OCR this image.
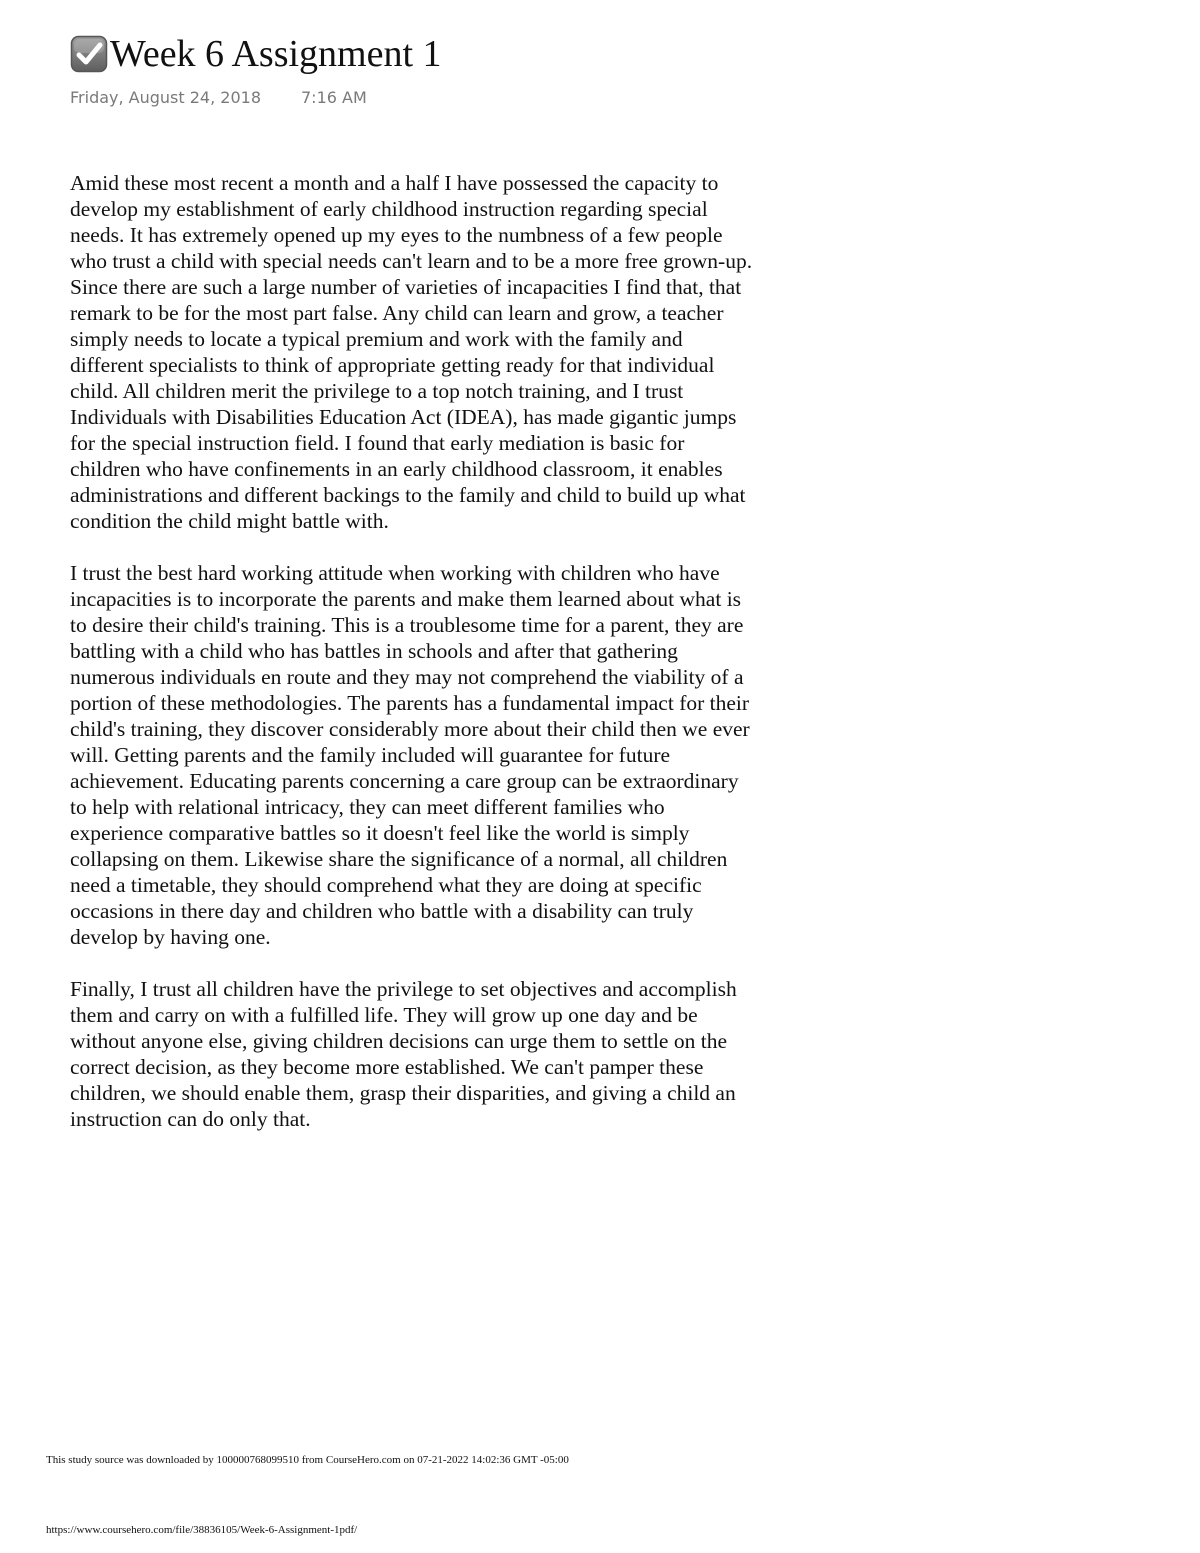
Week 6 Assignment 1
Friday, August 24, 2018	7:16 AM

Amid these most recent a month and a half I have possessed the capacity to
develop my establishment of early childhood instruction regarding special
needs. It has extremely opened up my eyes to the numbness of a few people
who trust a child with special needs can't learn and to be a more free grown-up.
Since there are such a large number of varieties of incapacities I find that, that
remark to be for the most part false. Any child can learn and grow, a teacher
simply needs to locate a typical premium and work with the family and
different specialists to think of appropriate getting ready for that individual
child. All children merit the privilege to a top notch training, and I trust
Individuals with Disabilities Education Act (IDEA), has made gigantic jumps
for the special instruction field. I found that early mediation is basic for
children who have confinements in an early childhood classroom, it enables
administrations and different backings to the family and child to build up what
condition the child might battle with.

I trust the best hard working attitude when working with children who have
incapacities is to incorporate the parents and make them learned about what is
to desire their child's training. This is a troublesome time for a parent, they are
battling with a child who has battles in schools and after that gathering
numerous individuals en route and they may not comprehend the viability of a
portion of these methodologies. The parents has a fundamental impact for their
child's training, they discover considerably more about their child then we ever
will. Getting parents and the family included will guarantee for future
achievement. Educating parents concerning a care group can be extraordinary
to help with relational intricacy, they can meet different families who
experience comparative battles so it doesn't feel like the world is simply
collapsing on them. Likewise share the significance of a normal, all children
need a timetable, they should comprehend what they are doing at specific
occasions in there day and children who battle with a disability can truly
develop by having one.

Finally, I trust all children have the privilege to set objectives and accomplish
them and carry on with a fulfilled life. They will grow up one day and be
without anyone else, giving children decisions can urge them to settle on the
correct decision, as they become more established. We can't pamper these
children, we should enable them, grasp their disparities, and giving a child an
instruction can do only that.

This study source was downloaded by 100000768099510 from CourseHero.com on 07-21-2022 14:02:36 GMT -05:00
https://www.coursehero.com/file/38836105/Week-6-Assignment-1pdf/
